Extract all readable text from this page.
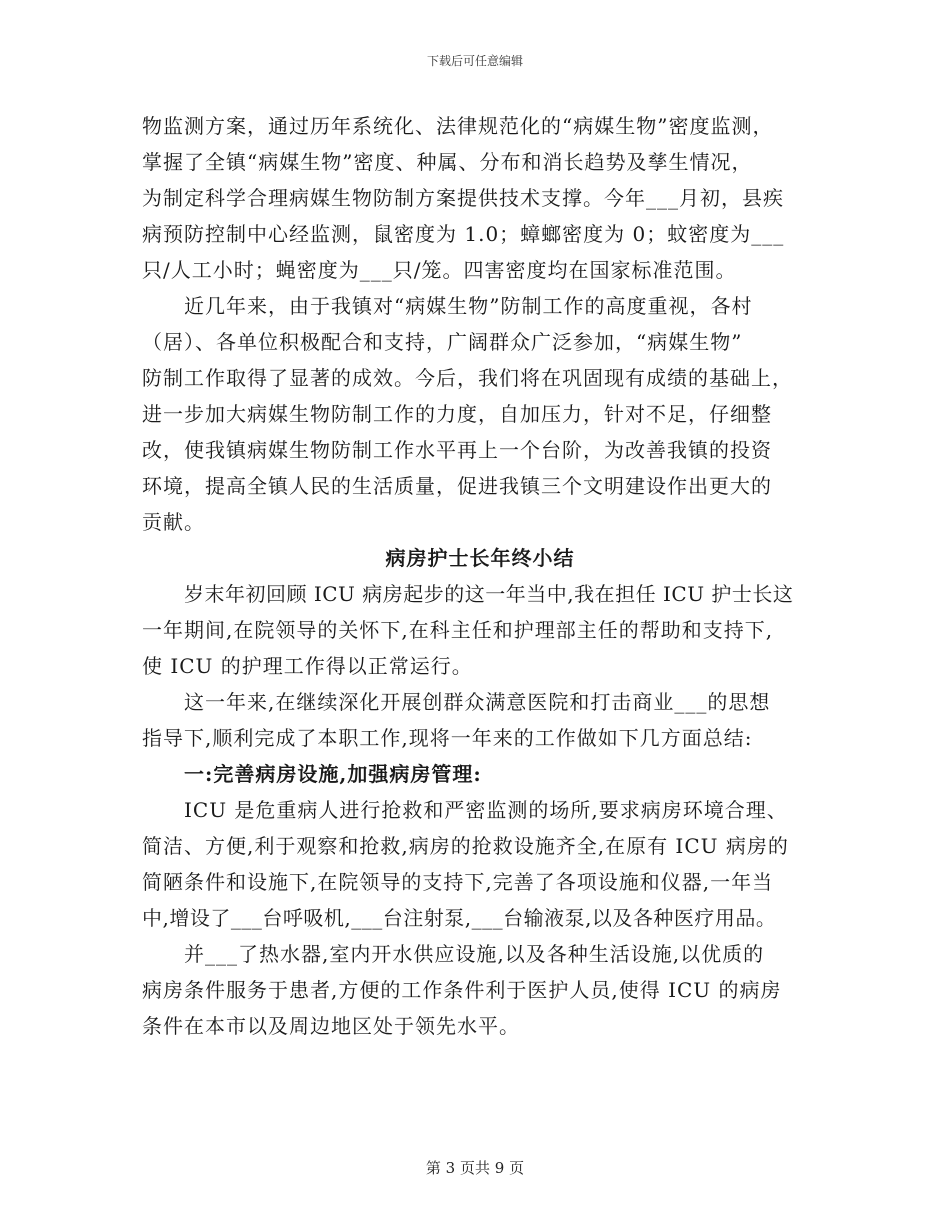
下载后可任意编辑
物监测方案，通过历年系统化、法律规范化的“病媒生物”密度监测，
掌握了全镇“病媒生物”密度、种属、分布和消长趋势及孳生情况，
为制定科学合理病媒生物防制方案提供技术支撑。今年___月初，县疾
病预防控制中心经监测，鼠密度为 1.0；蟑螂密度为 0；蚊密度为___
只/人工小时；蝇密度为___只/笼。四害密度均在国家标准范围。
近几年来，由于我镇对“病媒生物”防制工作的高度重视，各村
（居）、各单位积极配合和支持，广阔群众广泛参加，“病媒生物”
防制工作取得了显著的成效。今后，我们将在巩固现有成绩的基础上，
进一步加大病媒生物防制工作的力度，自加压力，针对不足，仔细整
改，使我镇病媒生物防制工作水平再上一个台阶，为改善我镇的投资
环境，提高全镇人民的生活质量，促进我镇三个文明建设作出更大的
贡献。
病房护士长年终小结
岁末年初回顾 ICU 病房起步的这一年当中,我在担任 ICU 护士长这
一年期间,在院领导的关怀下,在科主任和护理部主任的帮助和支持下,
使 ICU 的护理工作得以正常运行。
这一年来,在继续深化开展创群众满意医院和打击商业___的思想
指导下,顺利完成了本职工作,现将一年来的工作做如下几方面总结:
一:完善病房设施,加强病房管理:
ICU 是危重病人进行抢救和严密监测的场所,要求病房环境合理、
简洁、方便,利于观察和抢救,病房的抢救设施齐全,在原有 ICU 病房的
简陋条件和设施下,在院领导的支持下,完善了各项设施和仪器,一年当
中,增设了___台呼吸机,___台注射泵,___台输液泵,以及各种医疗用品。
并___了热水器,室内开水供应设施,以及各种生活设施,以优质的
病房条件服务于患者,方便的工作条件利于医护人员,使得 ICU 的病房
条件在本市以及周边地区处于领先水平。
第 3 页共 9 页
